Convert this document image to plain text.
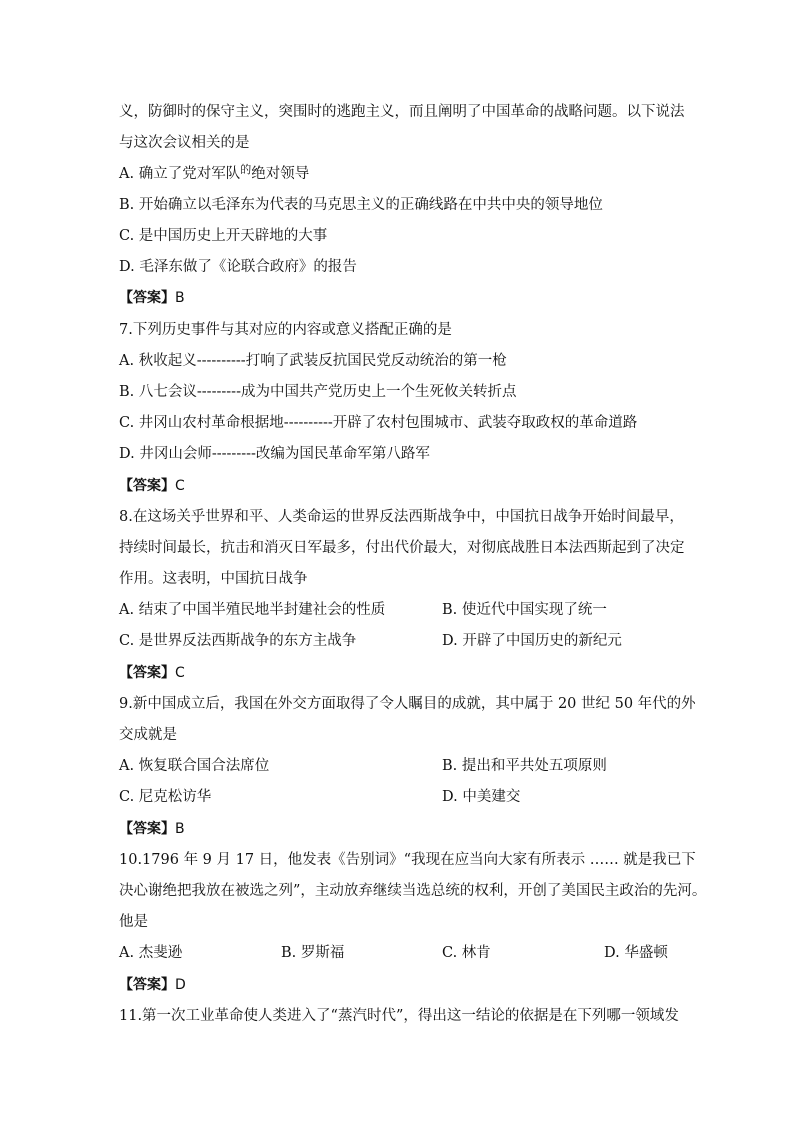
义，防御时的保守主义，突围时的逃跑主义，而且阐明了中国革命的战略问题。以下说法
与这次会议相关的是
A. 确立了党对军队$^的$绝对领导
B. 开始确立以毛泽东为代表的马克思主义的正确线路在中共中央的领导地位
C. 是中国历史上开天辟地的大事
D. 毛泽东做了《论联合政府》的报告
【答案】B
7.下列历史事件与其对应的内容或意义搭配正确的是
A. 秋收起义----------打响了武装反抗国民党反动统治的第一枪
B. 八七会议---------成为中国共产党历史上一个生死攸关转折点
C. 井冈山农村革命根据地----------开辟了农村包围城市、武装夺取政权的革命道路
D. 井冈山会师---------改编为国民革命军第八路军
【答案】C
8.在这场关乎世界和平、人类命运的世界反法西斯战争中，中国抗日战争开始时间最早，
持续时间最长，抗击和消灭日军最多，付出代价最大，对彻底战胜日本法西斯起到了决定
作用。这表明，中国抗日战争
A. 结束了中国半殖民地半封建社会的性质	B. 使近代中国实现了统一
C. 是世界反法西斯战争的东方主战争	D. 开辟了中国历史的新纪元
【答案】C
9.新中国成立后，我国在外交方面取得了令人瞩目的成就，其中属于 20 世纪 50 年代的外
交成就是
A. 恢复联合国合法席位	B. 提出和平共处五项原则
C. 尼克松访华	D. 中美建交
【答案】B
10.1796 年 9 月 17 日，他发表《告别词》“我现在应当向大家有所表示 …… 就是我已下
决心谢绝把我放在被选之列”，主动放弃继续当选总统的权利，开创了美国民主政治的先河。
他是
A. 杰斐逊	B. 罗斯福	C. 林肯	D. 华盛顿
【答案】D
11.第一次工业革命使人类进入了“蒸汽时代”，得出这一结论的依据是在下列哪一领域发
